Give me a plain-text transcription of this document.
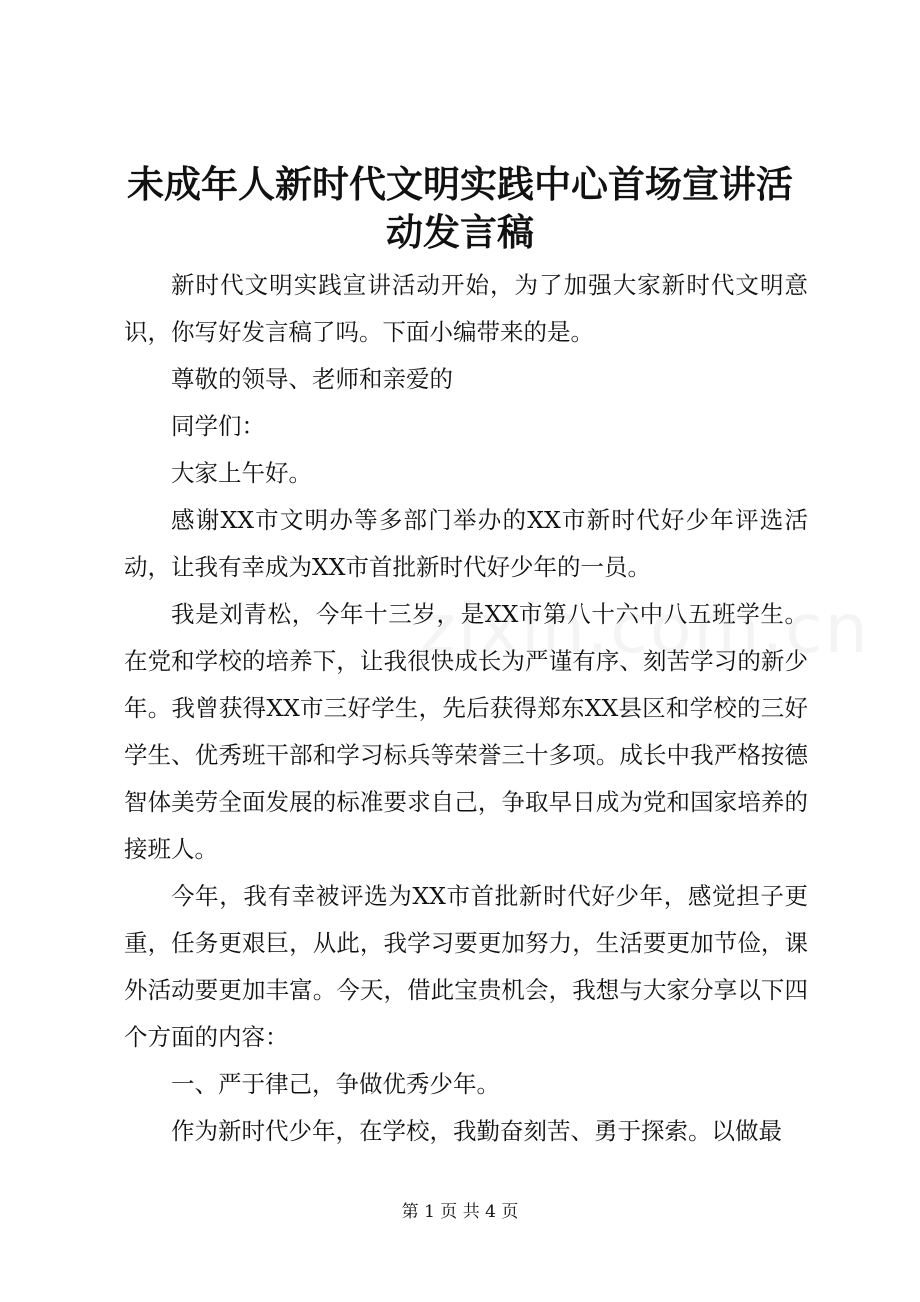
未成年人新时代文明实践中心首场宣讲活动发言稿

新时代文明实践宣讲活动开始，为了加强大家新时代文明意识，你写好发言稿了吗。下面小编带来的是。

尊敬的领导、老师和亲爱的

同学们：

大家上午好。

感谢XX市文明办等多部门举办的XX市新时代好少年评选活动，让我有幸成为XX市首批新时代好少年的一员。

我是刘青松，今年十三岁，是XX市第八十六中八五班学生。在党和学校的培养下，让我很快成长为严谨有序、刻苦学习的新少年。我曾获得XX市三好学生，先后获得郑东XX县区和学校的三好学生、优秀班干部和学习标兵等荣誉三十多项。成长中我严格按德智体美劳全面发展的标准要求自己，争取早日成为党和国家培养的接班人。

今年，我有幸被评选为XX市首批新时代好少年，感觉担子更重，任务更艰巨，从此，我学习要更加努力，生活要更加节俭，课外活动要更加丰富。今天，借此宝贵机会，我想与大家分享以下四个方面的内容：

一、严于律己，争做优秀少年。

作为新时代少年，在学校，我勤奋刻苦、勇于探索。以做最

第 1 页 共 4 页
